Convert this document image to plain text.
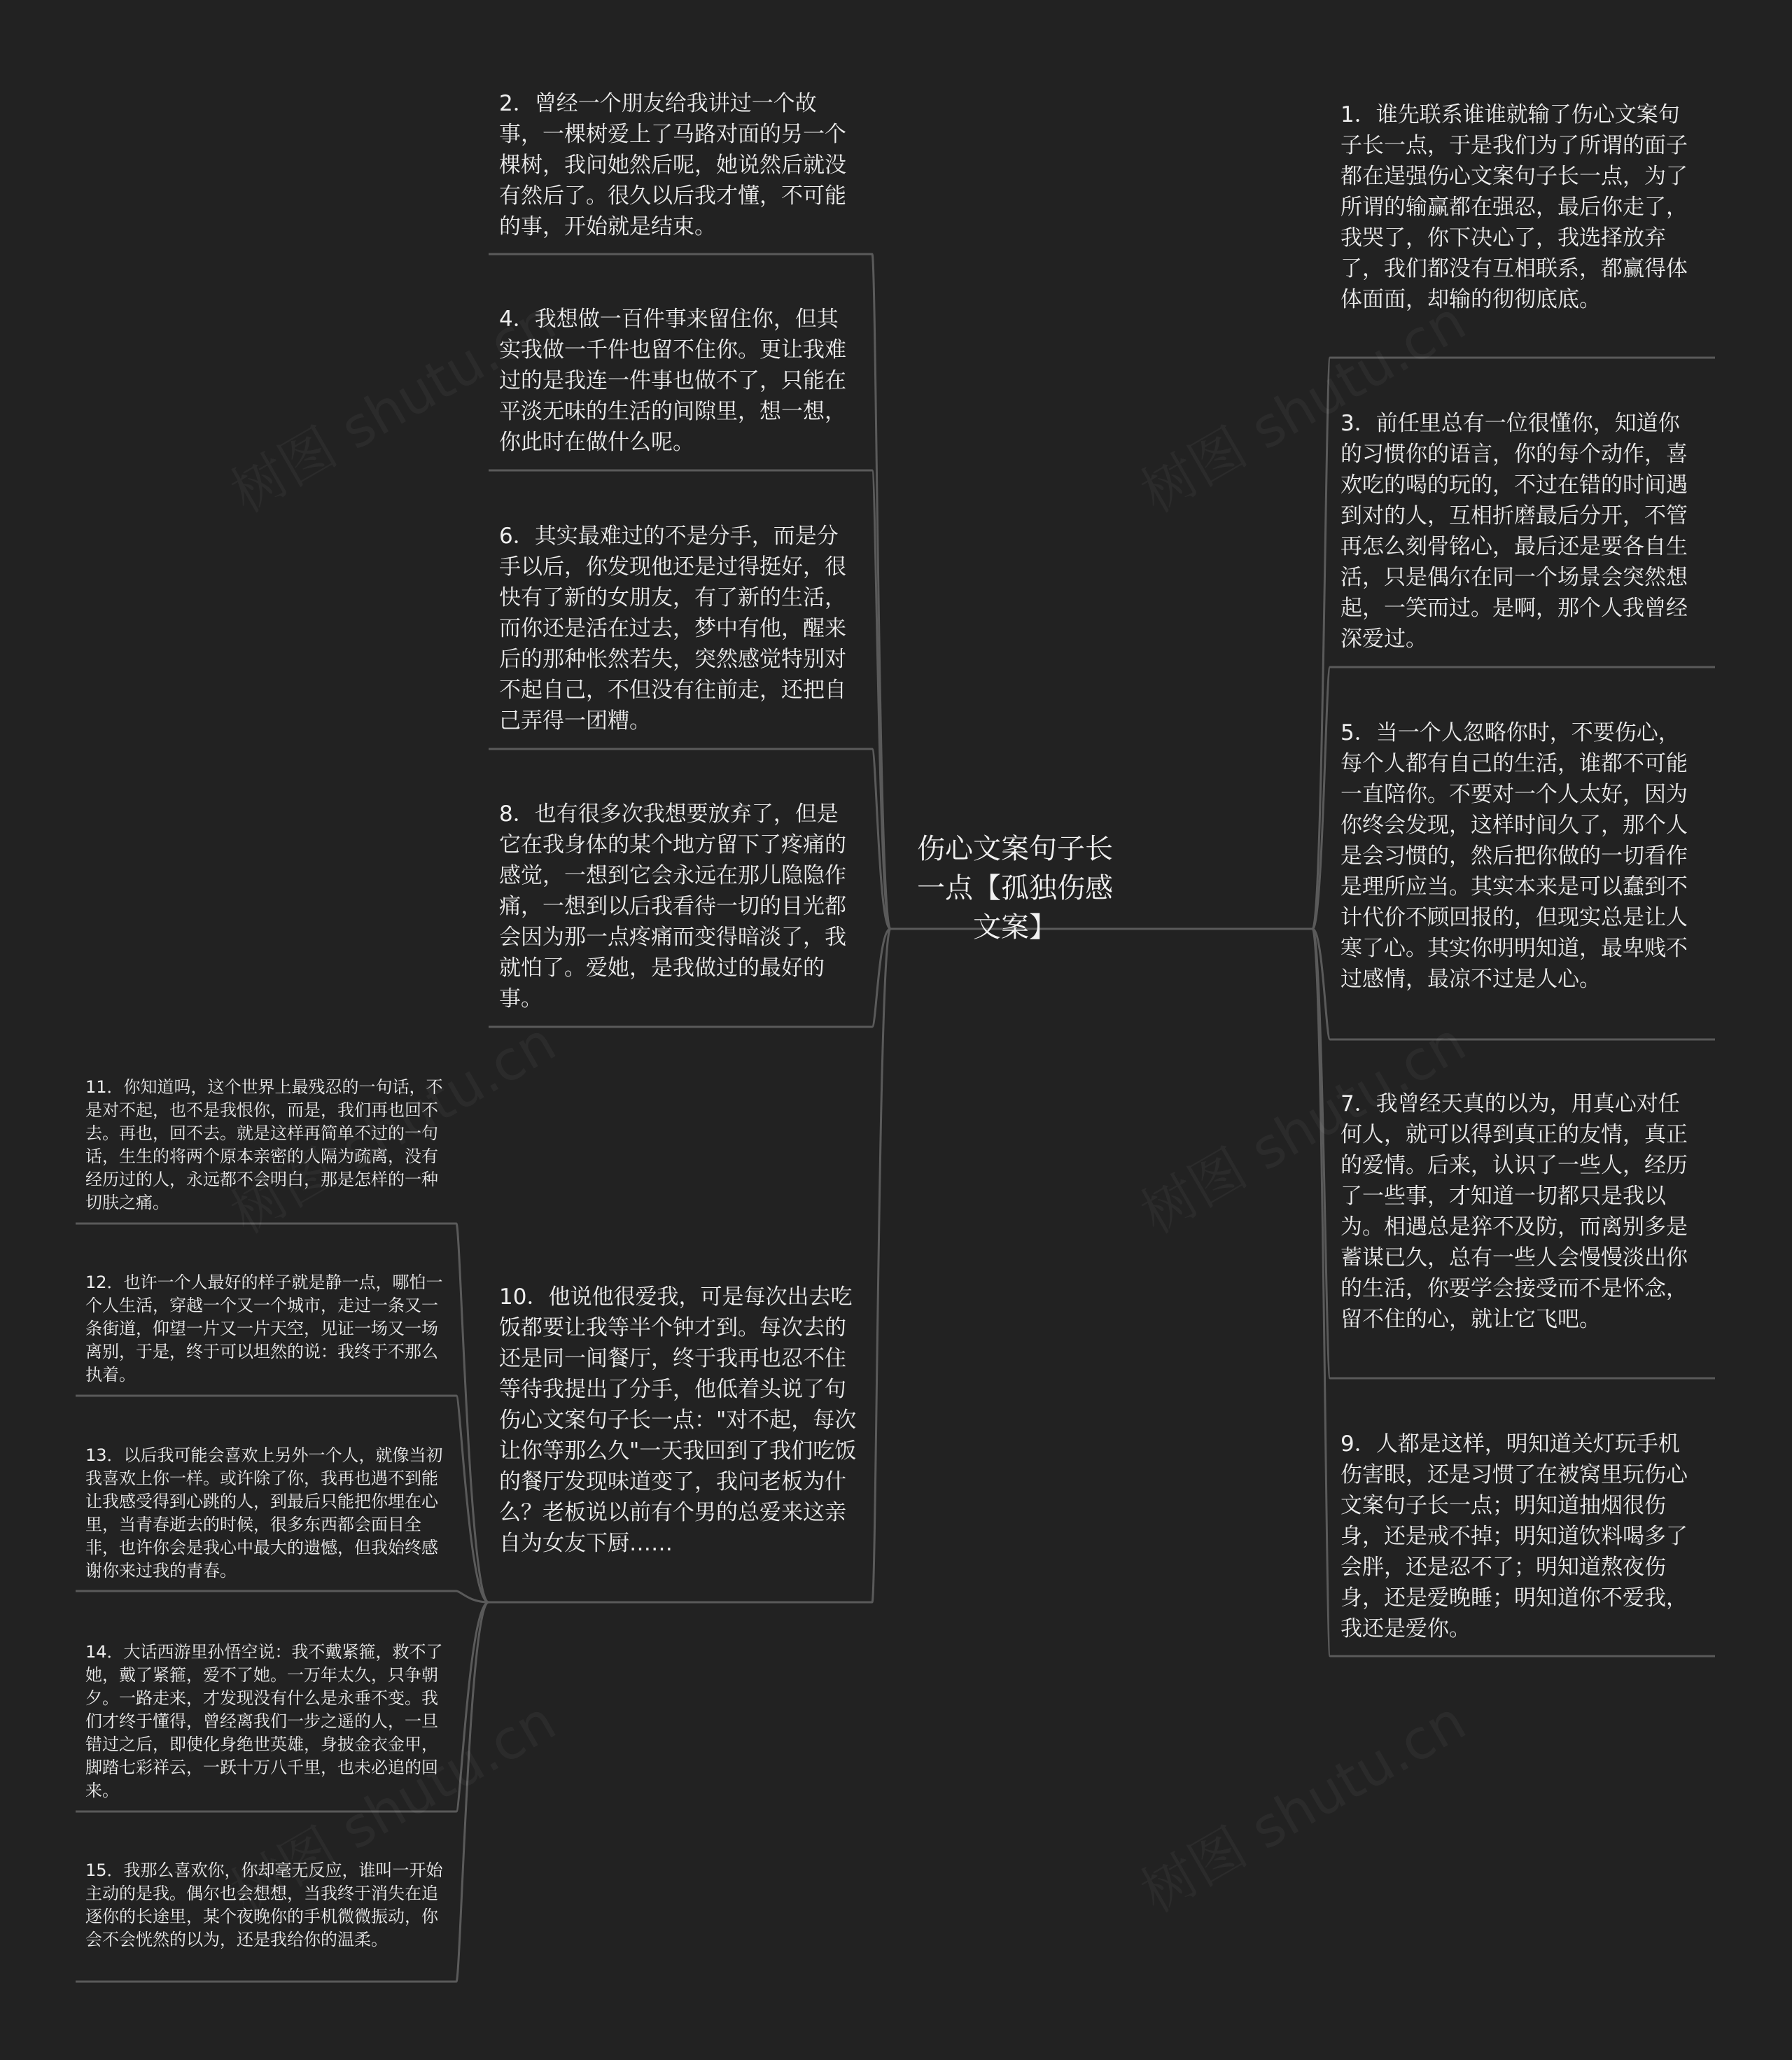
伤心文案句子长一点【孤独伤感文案】
2．曾经一个朋友给我讲过一个故事，一棵树爱上了马路对面的另一个棵树，我问她然后呢，她说然后就没有然后了。很久以后我才懂，不可能的事，开始就是结束。
4．我想做一百件事来留住你，但其实我做一千件也留不住你。更让我难过的是我连一件事也做不了，只能在平淡无味的生活的间隙里，想一想，你此时在做什么呢。
6．其实最难过的不是分手，而是分手以后，你发现他还是过得挺好，很快有了新的女朋友，有了新的生活，而你还是活在过去，梦中有他，醒来后的那种怅然若失，突然感觉特别对不起自己，不但没有往前走，还把自己弄得一团糟。
8．也有很多次我想要放弃了，但是它在我身体的某个地方留下了疼痛的感觉，一想到它会永远在那儿隐隐作痛，一想到以后我看待一切的目光都会因为那一点疼痛而变得暗淡了，我就怕了。爱她，是我做过的最好的事。
10．他说他很爱我，可是每次出去吃饭都要让我等半个钟才到。每次去的还是同一间餐厅，终于我再也忍不住等待我提出了分手，他低着头说了句伤心文案句子长一点："对不起，每次让你等那么久"一天我回到了我们吃饭的餐厅发现味道变了，我问老板为什么？老板说以前有个男的总爱来这亲自为女友下厨……
1．谁先联系谁谁就输了伤心文案句子长一点，于是我们为了所谓的面子都在逞强伤心文案句子长一点，为了所谓的输赢都在强忍，最后你走了，我哭了，你下决心了，我选择放弃了，我们都没有互相联系，都赢得体体面面，却输的彻彻底底。
3．前任里总有一位很懂你，知道你的习惯你的语言，你的每个动作，喜欢吃的喝的玩的，不过在错的时间遇到对的人，互相折磨最后分开，不管再怎么刻骨铭心，最后还是要各自生活，只是偶尔在同一个场景会突然想起，一笑而过。是啊，那个人我曾经深爱过。
5．当一个人忽略你时，不要伤心，每个人都有自己的生活，谁都不可能一直陪你。不要对一个人太好，因为你终会发现，这样时间久了，那个人是会习惯的，然后把你做的一切看作是理所应当。其实本来是可以蠢到不计代价不顾回报的，但现实总是让人寒了心。其实你明明知道，最卑贱不过感情，最凉不过是人心。
7．我曾经天真的以为，用真心对任何人，就可以得到真正的友情，真正的爱情。后来，认识了一些人，经历了一些事，才知道一切都只是我以为。相遇总是猝不及防，而离别多是蓄谋已久，总有一些人会慢慢淡出你的生活，你要学会接受而不是怀念，留不住的心，就让它飞吧。
9．人都是这样，明知道关灯玩手机伤害眼，还是习惯了在被窝里玩伤心文案句子长一点；明知道抽烟很伤身，还是戒不掉；明知道饮料喝多了会胖，还是忍不了；明知道熬夜伤身，还是爱晚睡；明知道你不爱我，我还是爱你。
11．你知道吗，这个世界上最残忍的一句话，不是对不起，也不是我恨你，而是，我们再也回不去。再也，回不去。就是这样再简单不过的一句话，生生的将两个原本亲密的人隔为疏离，没有经历过的人，永远都不会明白，那是怎样的一种切肤之痛。
12．也许一个人最好的样子就是静一点，哪怕一个人生活，穿越一个又一个城市，走过一条又一条街道，仰望一片又一片天空，见证一场又一场离别，于是，终于可以坦然的说：我终于不那么执着。
13．以后我可能会喜欢上另外一个人，就像当初我喜欢上你一样。或许除了你，我再也遇不到能让我感受得到心跳的人，到最后只能把你埋在心里，当青春逝去的时候，很多东西都会面目全非，也许你会是我心中最大的遗憾，但我始终感谢你来过我的青春。
14．大话西游里孙悟空说：我不戴紧箍，救不了她，戴了紧箍，爱不了她。一万年太久，只争朝夕。一路走来，才发现没有什么是永垂不变。我们才终于懂得，曾经离我们一步之遥的人，一旦错过之后，即使化身绝世英雄，身披金衣金甲，脚踏七彩祥云，一跃十万八千里，也未必追的回来。
15．我那么喜欢你，你却毫无反应，谁叫一开始主动的是我。偶尔也会想想，当我终于消失在追逐你的长途里，某个夜晚你的手机微微振动，你会不会恍然的以为，还是我给你的温柔。
